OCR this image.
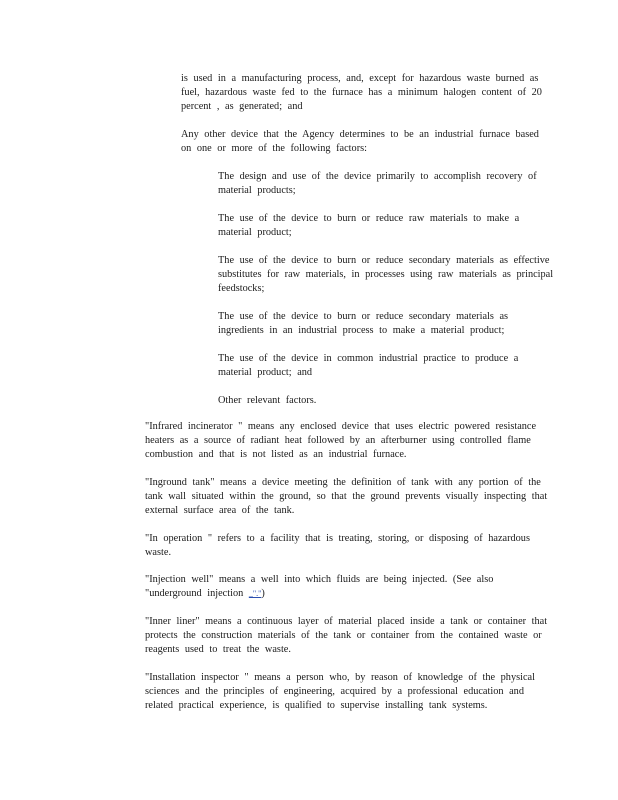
is used in a manufacturing process, and, except for hazardous waste burned as fuel, hazardous waste fed to the furnace has a minimum halogen content of 20 percent , as generated; and

Any other device that the Agency determines to be an industrial furnace based on one or more of the following factors:

The design and use of the device primarily to accomplish recovery of material products;

The use of the device to burn or reduce raw materials to make a material product;

The use of the device to burn or reduce secondary materials as effective substitutes for raw materials, in processes using raw materials as principal feedstocks;

The use of the device to burn or reduce secondary materials as ingredients in an industrial process to make a material product;

The use of the device in common industrial practice to produce a material product; and

Other relevant factors.

"Infrared incinerator " means any enclosed device that uses electric powered resistance heaters as a source of radiant heat followed by an afterburner using controlled flame combustion and that is not listed as an industrial furnace.

"Inground tank" means a device meeting the definition of tank with any portion of the tank wall situated within the ground, so that the ground prevents visually inspecting that external surface area of the tank.

"In operation " refers to a facility that is treating, storing, or disposing of hazardous waste.

"Injection well" means a well into which fluids are being injected. (See also "underground injection _".")

"Inner liner" means a continuous layer of material placed inside a tank or container that protects the construction materials of the tank or container from the contained waste or reagents used to treat the waste.

"Installation inspector " means a person who, by reason of knowledge of the physical sciences and the principles of engineering, acquired by a professional education and related practical experience, is qualified to supervise installing tank systems.
